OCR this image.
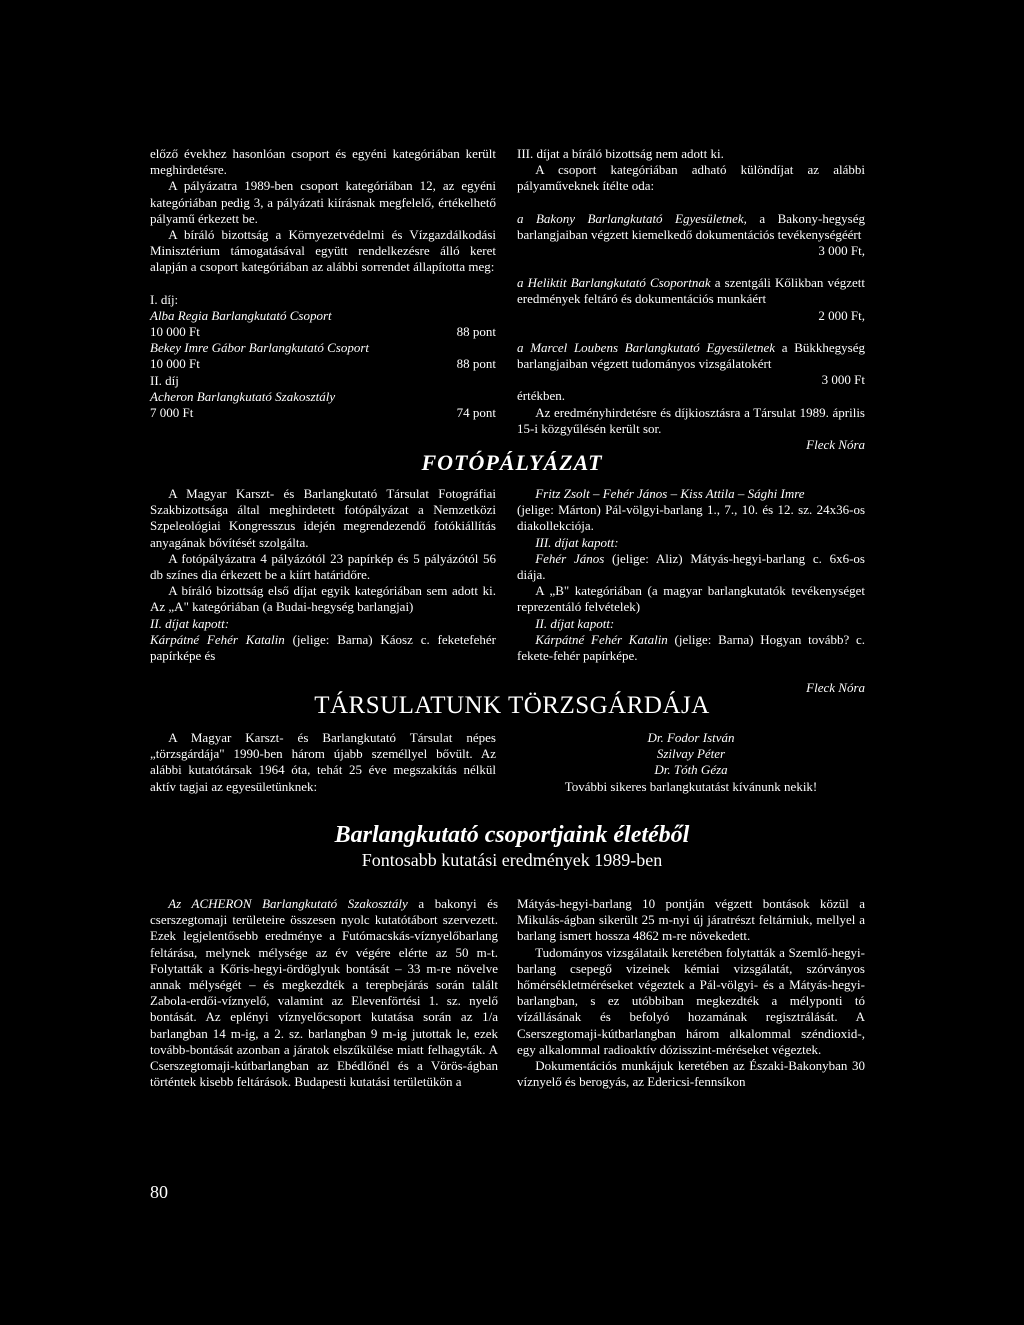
előző évekhez hasonlóan csoport és egyéni kategóriában került meghirdetésre.

A pályázatra 1989-ben csoport kategóriában 12, az egyéni kategóriában pedig 3, a pályázati kiírásnak megfelelő, értékelhető pályamű érkezett be.

A bíráló bizottság a Környezetvédelmi és Vízgazdálkodási Minisztérium támogatásával együtt rendelkezésre álló keret alapján a csoport kategóriában az alábbi sorrendet állapította meg:

I. díj:

Alba Regia Barlangkutató Csoport

10 000 Ft	88 pont

Bekey Imre Gábor Barlangkutató Csoport

10 000 Ft	88 pont

II. díj

Acheron Barlangkutató Szakosztály

7 000 Ft	74 pont

III. díjat a bíráló bizottság nem adott ki.

A csoport kategóriában adható különdíjat az alábbi pályaműveknek ítélte oda:

a Bakony Barlangkutató Egyesületnek, a Bakony-hegység barlangjaiban végzett kiemelkedő dokumentációs tevékenységéért

3 000 Ft,

a Heliktit Barlangkutató Csoportnak a szentgáli Kőlikban végzett eredmények feltáró és dokumentációs munkáért

2 000 Ft,

a Marcel Loubens Barlangkutató Egyesületnek a Bükkhegység barlangjaiban végzett tudományos vizsgálatokért

3 000 Ft

értékben.

Az eredményhirdetésre és díjkiosztásra a Társulat 1989. április 15-i közgyűlésén került sor.

Fleck Nóra

FOTÓPÁLYÁZAT

A Magyar Karszt- és Barlangkutató Társulat Fotográfiai Szakbizottsága által meghirdetett fotópályázat a Nemzetközi Szpeleológiai Kongresszus idején megrendezendő fotókiállítás anyagának bővítését szolgálta.

A fotópályázatra 4 pályázótól 23 papírkép és 5 pályázótól 56 db színes dia érkezett be a kiírt határidőre.

A bíráló bizottság első díjat egyik kategóriában sem adott ki. Az „A" kategóriában (a Budai-hegység barlangjai)

II. díjat kapott:

Kárpátné Fehér Katalin (jelige: Barna) Káosz c. feketefehér papírképe és

Fritz Zsolt – Fehér János – Kiss Attila – Sághi Imre

(jelige: Márton) Pál-völgyi-barlang 1., 7., 10. és 12. sz. 24x36-os diakollekciója.

III. díjat kapott:

Fehér János (jelige: Aliz) Mátyás-hegyi-barlang c. 6x6-os diája.

A „B" kategóriában (a magyar barlangkutatók tevékenységet reprezentáló felvételek)

II. díjat kapott:

Kárpátné Fehér Katalin (jelige: Barna) Hogyan tovább? c. fekete-fehér papírképe.

Fleck Nóra

TÁRSULATUNK TÖRZSGÁRDÁJA

A Magyar Karszt- és Barlangkutató Társulat népes „törzsgárdája" 1990-ben három újabb személlyel bővült. Az alábbi kutatótársak 1964 óta, tehát 25 éve megszakítás nélkül aktív tagjai az egyesületünknek:

Dr. Fodor István

Szilvay Péter

Dr. Tóth Géza

További sikeres barlangkutatást kívánunk nekik!

Barlangkutató csoportjaink életéből
Fontosabb kutatási eredmények 1989-ben

Az ACHERON Barlangkutató Szakosztály a bakonyi és cserszegtomaji területeire összesen nyolc kutatótábort szervezett. Ezek legjelentősebb eredménye a Futómacskás-víznyelőbarlang feltárása, melynek mélysége az év végére elérte az 50 m-t. Folytatták a Kőris-hegyi-ördöglyuk bontását – 33 m-re növelve annak mélységét – és megkezdték a terepbejárás során talált Zabola-erdői-víznyelő, valamint az Elevenförtési 1. sz. nyelő bontását. Az eplényi víznyelőcsoport kutatása során az 1/a barlangban 14 m-ig, a 2. sz. barlangban 9 m-ig jutottak le, ezek tovább-bontását azonban a járatok elszűkülése miatt felhagyták. A Cserszegtomaji-kútbarlangban az Ebédlőnél és a Vörös-ágban történtek kisebb feltárások. Budapesti kutatási területükön a

Mátyás-hegyi-barlang 10 pontján végzett bontások közül a Mikulás-ágban sikerült 25 m-nyi új járatrészt feltárniuk, mellyel a barlang ismert hossza 4862 m-re növekedett.

Tudományos vizsgálataik keretében folytatták a Szemlő-hegyi-barlang csepegő vizeinek kémiai vizsgálatát, szórványos hőmérsékletméréseket végeztek a Pál-völgyi- és a Mátyás-hegyi-barlangban, s ez utóbbiban megkezdték a mélyponti tó vízállásának és befolyó hozamának regisztrálását. A Cserszegtomaji-kútbarlangban három alkalommal széndioxid-, egy alkalommal radioaktív dózisszint-méréseket végeztek.

Dokumentációs munkájuk keretében az Északi-Bakonyban 30 víznyelő és berogyás, az Edericsi-fennsíkon

80
